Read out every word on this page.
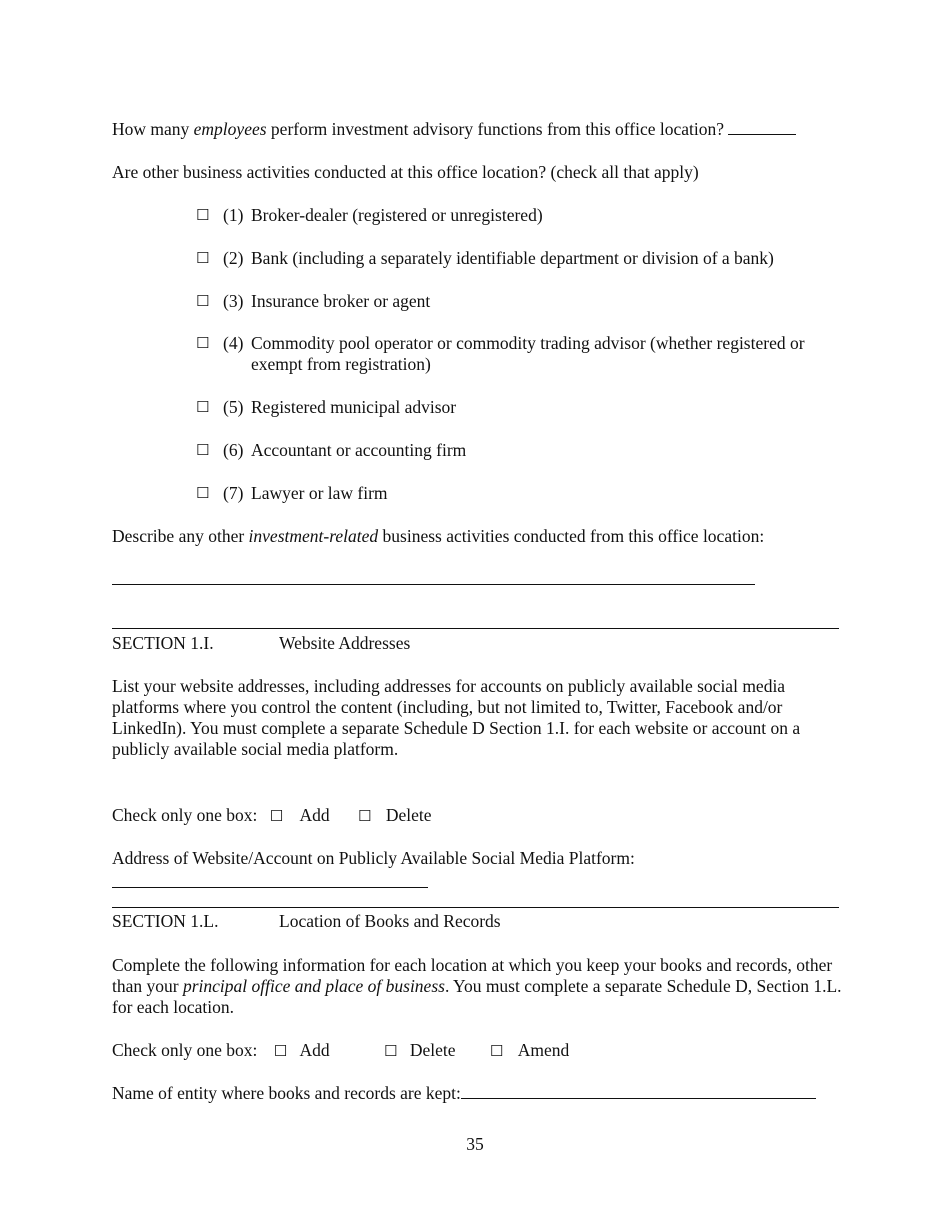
How many employees perform investment advisory functions from this office location?
Are other business activities conducted at this office location? (check all that apply)
☐ (1) Broker-dealer (registered or unregistered)
☐ (2) Bank (including a separately identifiable department or division of a bank)
☐ (3) Insurance broker or agent
☐ (4) Commodity pool operator or commodity trading advisor (whether registered or exempt from registration)
☐ (5) Registered municipal advisor
☐ (6) Accountant or accounting firm
☐ (7) Lawyer or law firm
Describe any other investment-related business activities conducted from this office location:
SECTION 1.I.	Website Addresses
List your website addresses, including addresses for accounts on publicly available social media platforms where you control the content (including, but not limited to, Twitter, Facebook and/or LinkedIn). You must complete a separate Schedule D Section 1.I. for each website or account on a publicly available social media platform.
Check only one box: ☐ Add ☐ Delete
Address of Website/Account on Publicly Available Social Media Platform:
SECTION 1.L.	Location of Books and Records
Complete the following information for each location at which you keep your books and records, other than your principal office and place of business. You must complete a separate Schedule D, Section 1.L. for each location.
Check only one box: ☐ Add	☐ Delete ☐ Amend
Name of entity where books and records are kept:
35
